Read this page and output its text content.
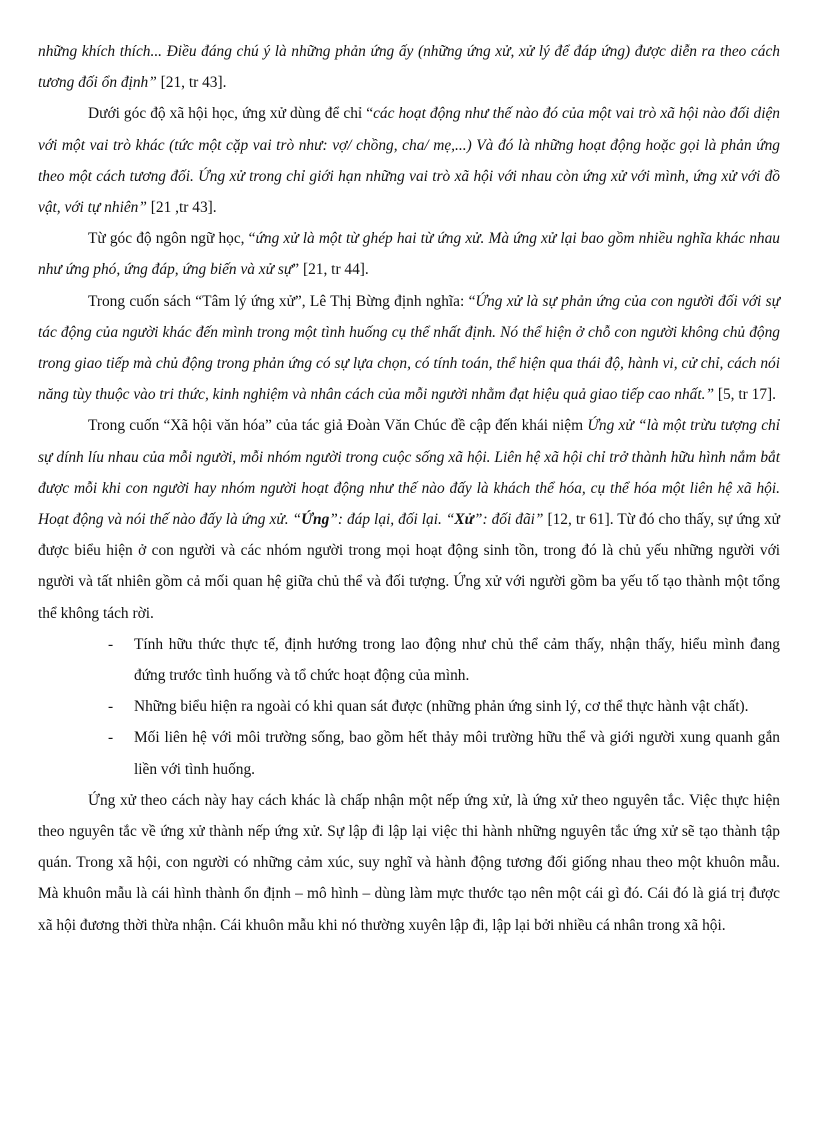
những khích thích... Điều đáng chú ý là những phản ứng ấy (những ứng xử, xử lý để đáp ứng) được diễn ra theo cách tương đối ổn định” [21, tr 43].

Dưới góc độ xã hội học, ứng xử dùng để chỉ “các hoạt động như thế nào đó của một vai trò xã hội nào đối diện với một vai trò khác (tức một cặp vai trò như: vợ/ chồng, cha/ mẹ,...) Và đó là những hoạt động hoặc gọi là phản ứng theo một cách tương đối. Ứng xử trong chỉ giới hạn những vai trò xã hội với nhau còn ứng xử với mình, ứng xử với đồ vật, với tự nhiên” [21 ,tr 43].

Từ góc độ ngôn ngữ học, “ứng xử là một từ ghép hai từ ứng xử. Mà ứng xử lại bao gồm nhiều nghĩa khác nhau như ứng phó, ứng đáp, ứng biến và xử sự” [21, tr 44].

Trong cuốn sách “Tâm lý ứng xử”, Lê Thị Bừng định nghĩa: “Ứng xử là sự phản ứng của con người đối với sự tác động của người khác đến mình trong một tình huống cụ thể nhất định. Nó thể hiện ở chỗ con người không chủ động trong giao tiếp mà chủ động trong phản ứng có sự lựa chọn, có tính toán, thể hiện qua thái độ, hành vi, cử chỉ, cách nói năng tùy thuộc vào tri thức, kinh nghiệm và nhân cách của mỗi người nhằm đạt hiệu quả giao tiếp cao nhất.” [5, tr 17].

Trong cuốn “Xã hội văn hóa” của tác giả Đoàn Văn Chúc đề cập đến khái niệm Ứng xử “là một trừu tượng chỉ sự dính líu nhau của mỗi người, mỗi nhóm người trong cuộc sống xã hội. Liên hệ xã hội chỉ trở thành hữu hình nắm bắt được mỗi khi con người hay nhóm người hoạt động như thế nào đấy là khách thể hóa, cụ thể hóa một liên hệ xã hội. Hoạt động và nói thế nào đấy là ứng xử. “Ứng”: đáp lại, đối lại. “Xử”: đối đãi” [12, tr 61]. Từ đó cho thấy, sự ứng xử được biểu hiện ở con người và các nhóm người trong mọi hoạt động sinh tồn, trong đó là chủ yếu những người với người và tất nhiên gồm cả mối quan hệ giữa chủ thể và đối tượng. Ứng xử với người gồm ba yếu tố tạo thành một tổng thể không tách rời.

- Tính hữu thức thực tế, định hướng trong lao động như chủ thể cảm thấy, nhận thấy, hiểu mình đang đứng trước tình huống và tổ chức hoạt động của mình.
- Những biểu hiện ra ngoài có khi quan sát được (những phản ứng sinh lý, cơ thể thực hành vật chất).
- Mối liên hệ với môi trường sống, bao gồm hết thảy môi trường hữu thể và giới người xung quanh gắn liền với tình huống.

Ứng xử theo cách này hay cách khác là chấp nhận một nếp ứng xử, là ứng xử theo nguyên tắc. Việc thực hiện theo nguyên tắc về ứng xử thành nếp ứng xử. Sự lập đi lập lại việc thi hành những nguyên tắc ứng xử sẽ tạo thành tập quán. Trong xã hội, con người có những cảm xúc, suy nghĩ và hành động tương đối giống nhau theo một khuôn mẫu. Mà khuôn mẫu là cái hình thành ổn định – mô hình – dùng làm mực thước tạo nên một cái gì đó. Cái đó là giá trị được xã hội đương thời thừa nhận. Cái khuôn mẫu khi nó thường xuyên lập đi, lập lại bởi nhiều cá nhân trong xã hội.
